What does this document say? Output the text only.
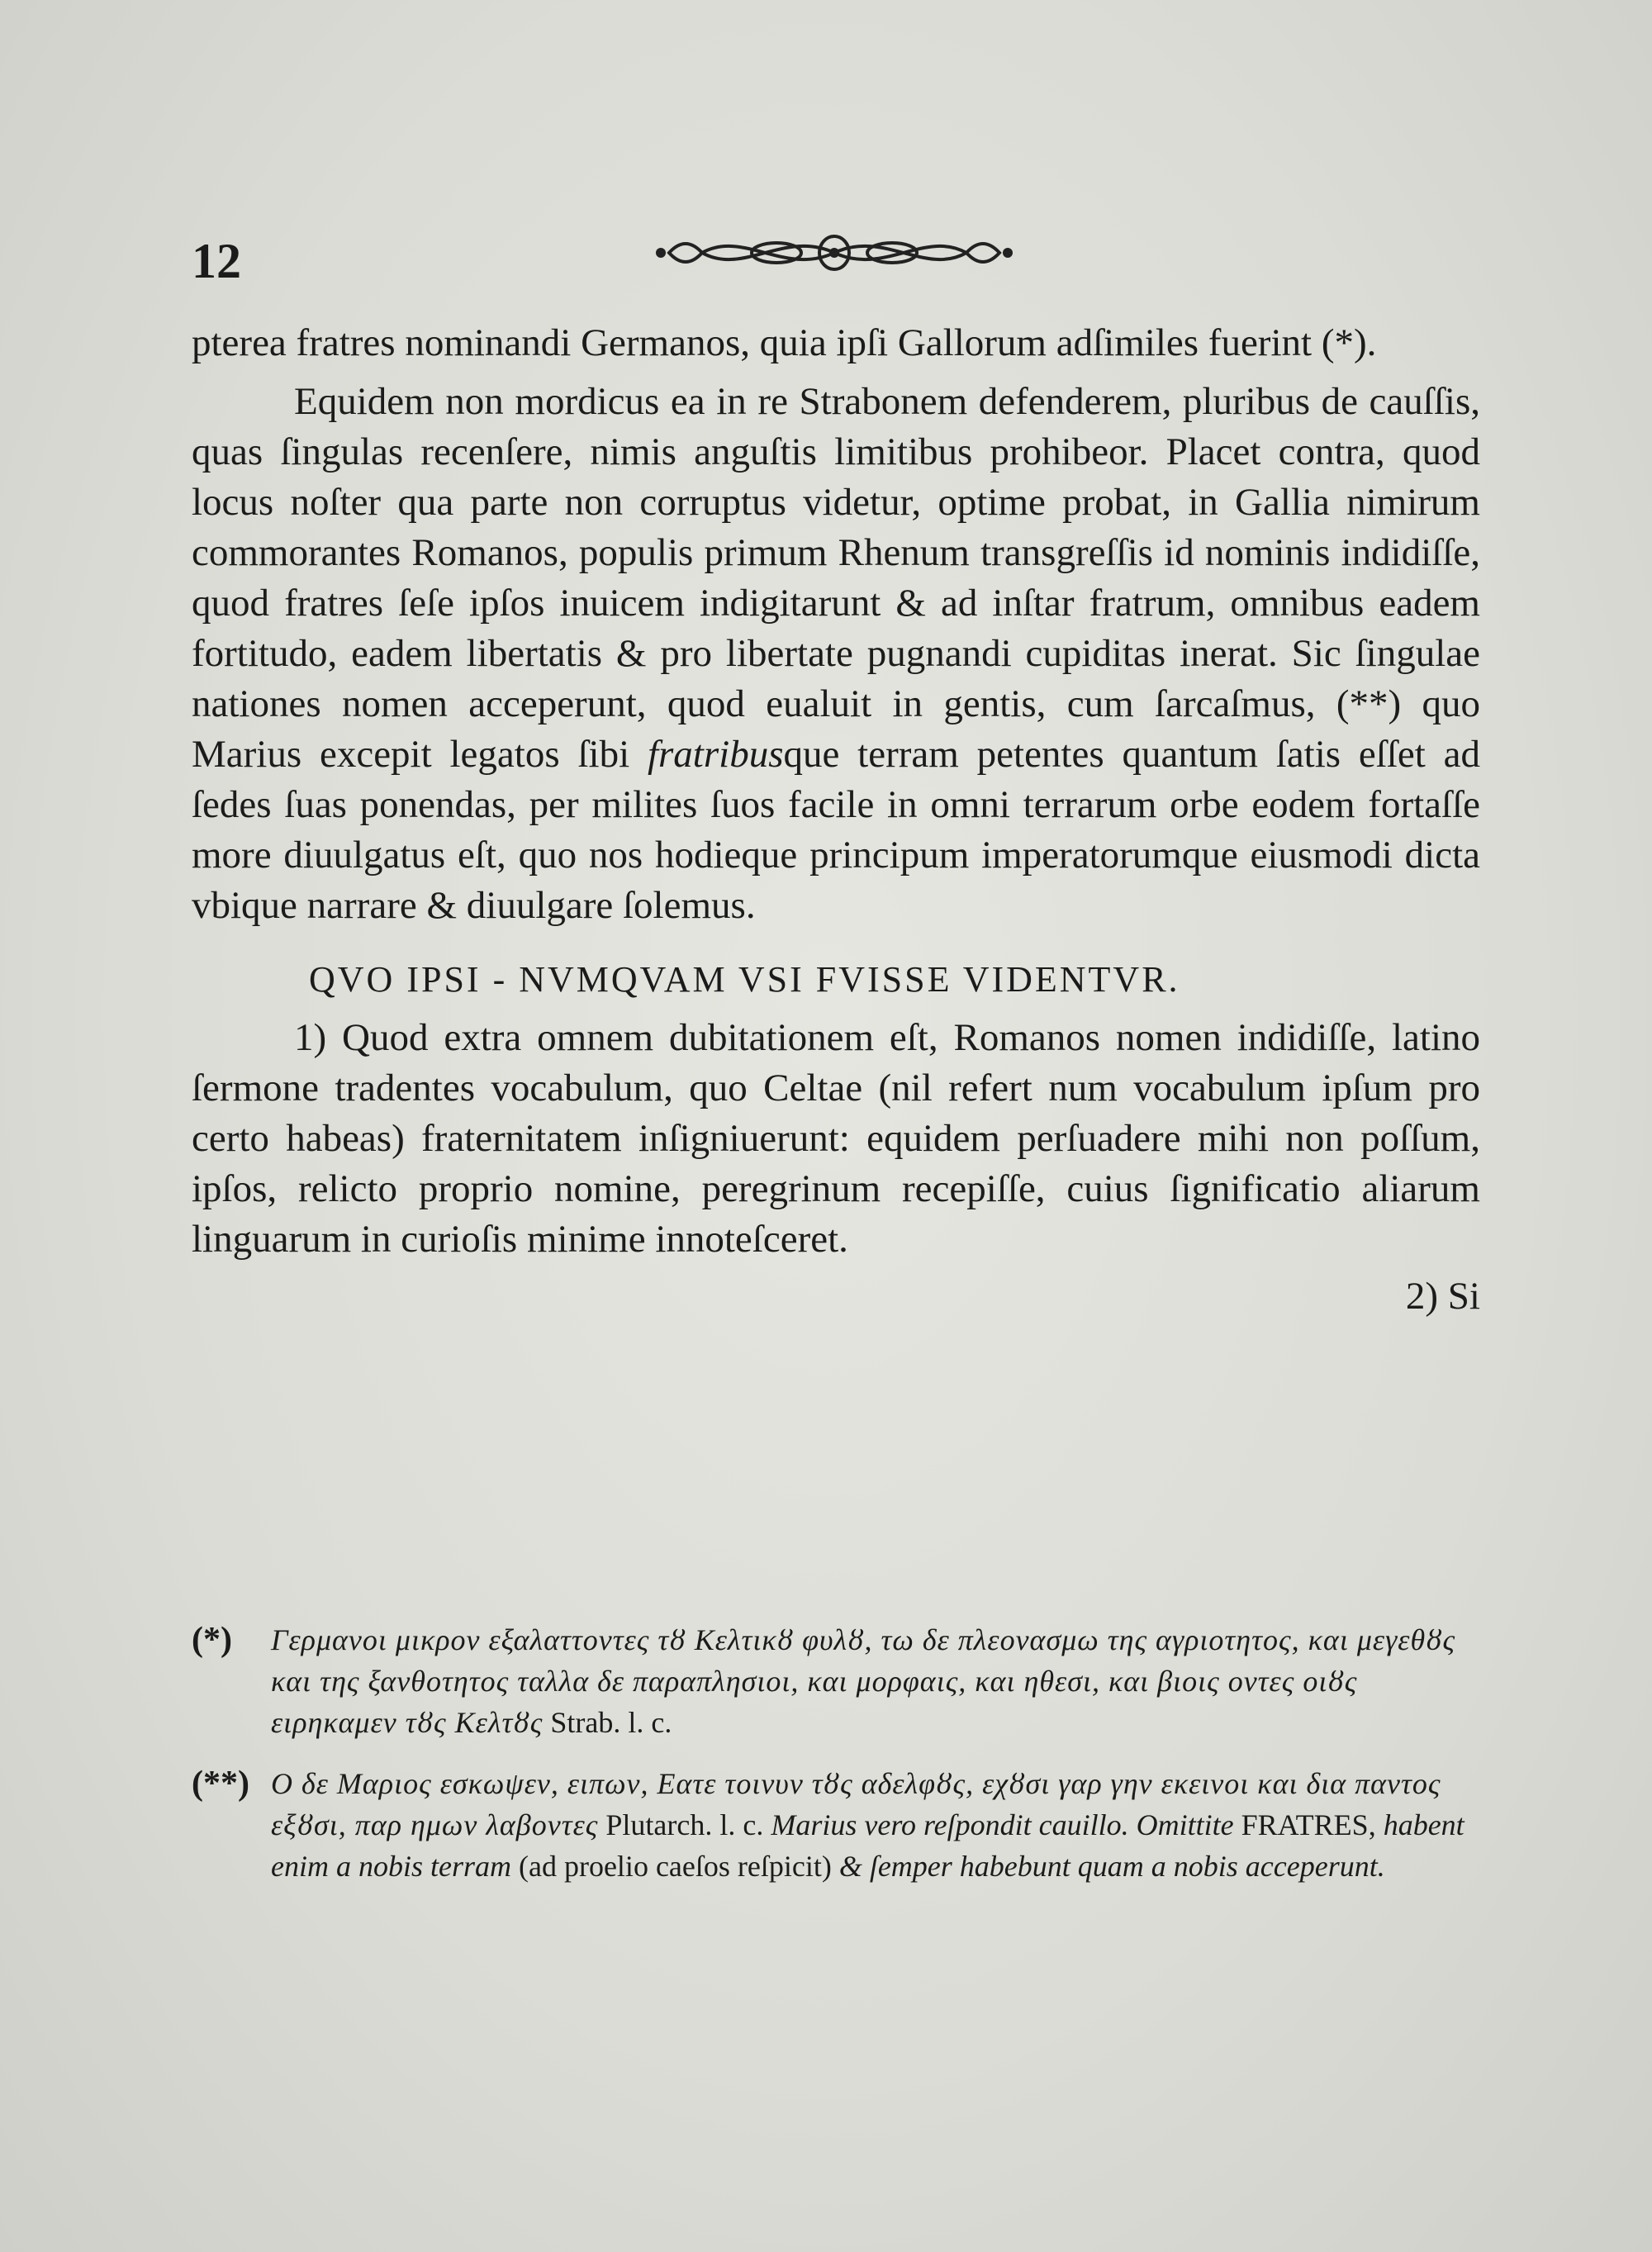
12

pterea fratres nominandi Germanos, quia ipſi Gallorum adſimiles fuerint (*).

Equidem non mordicus ea in re Strabonem defenderem, pluribus de cauſſis, quas ſingulas recenſere, nimis anguſtis limitibus prohibeor. Placet contra, quod locus noſter qua parte non corruptus videtur, optime probat, in Gallia nimirum commorantes Romanos, populis primum Rhenum transgreſſis id nominis indidiſſe, quod fratres ſeſe ipſos inuicem indigitarunt & ad inſtar fratrum, omnibus eadem fortitudo, eadem libertatis & pro libertate pugnandi cupiditas inerat. Sic ſingulae nationes nomen acceperunt, quod eualuit in gentis, cum ſarcaſmus, (**) quo Marius excepit legatos ſibi fratribusque terram petentes quantum ſatis eſſet ad ſedes ſuas ponendas, per milites ſuos facile in omni terrarum orbe eodem fortaſſe more diuulgatus eſt, quo nos hodieque principum imperatorumque eiusmodi dicta vbique narrare & diuulgare ſolemus.

QVO IPSI - NVMQVAM VSI FVISSE VIDENTVR.

1) Quod extra omnem dubitationem eſt, Romanos nomen indidiſſe, latino ſermone tradentes vocabulum, quo Celtae (nil refert num vocabulum ipſum pro certo habeas) fraternitatem inſigniuerunt: equidem perſuadere mihi non poſſum, ipſos, relicto proprio nomine, peregrinum recepiſſe, cuius ſignificatio aliarum linguarum in curioſis minime innoteſceret.

2) Si
(*) Γερμανοι μικρον εξαλαττοντες τȣ Κελτικȣ φυλȣ, τω δε πλεονασμω της αγριοτητος, και μεγεθȣς και της ξανθοτητος ταλλα δε παραπλησιοι, και μορφαις, και ηθεσι, και βιοις οντες οιȣς ειρηκαμεν τȣς Κελτȣς Strab. l. c.
(**) Ο δε Μαριος εσκωψεν, ειπων, Εατε τοινυν τȣς αδελφȣς, εχȣσι γαρ γην εκεινοι και δια παντος εξȣσι, παρ ημων λαβοντες Plutarch. l. c. Marius vero reſpondit cauillo. Omittite FRATRES, habent enim a nobis terram (ad proelio caeſos reſpicit) & ſemper habebunt quam a nobis acceperunt.
